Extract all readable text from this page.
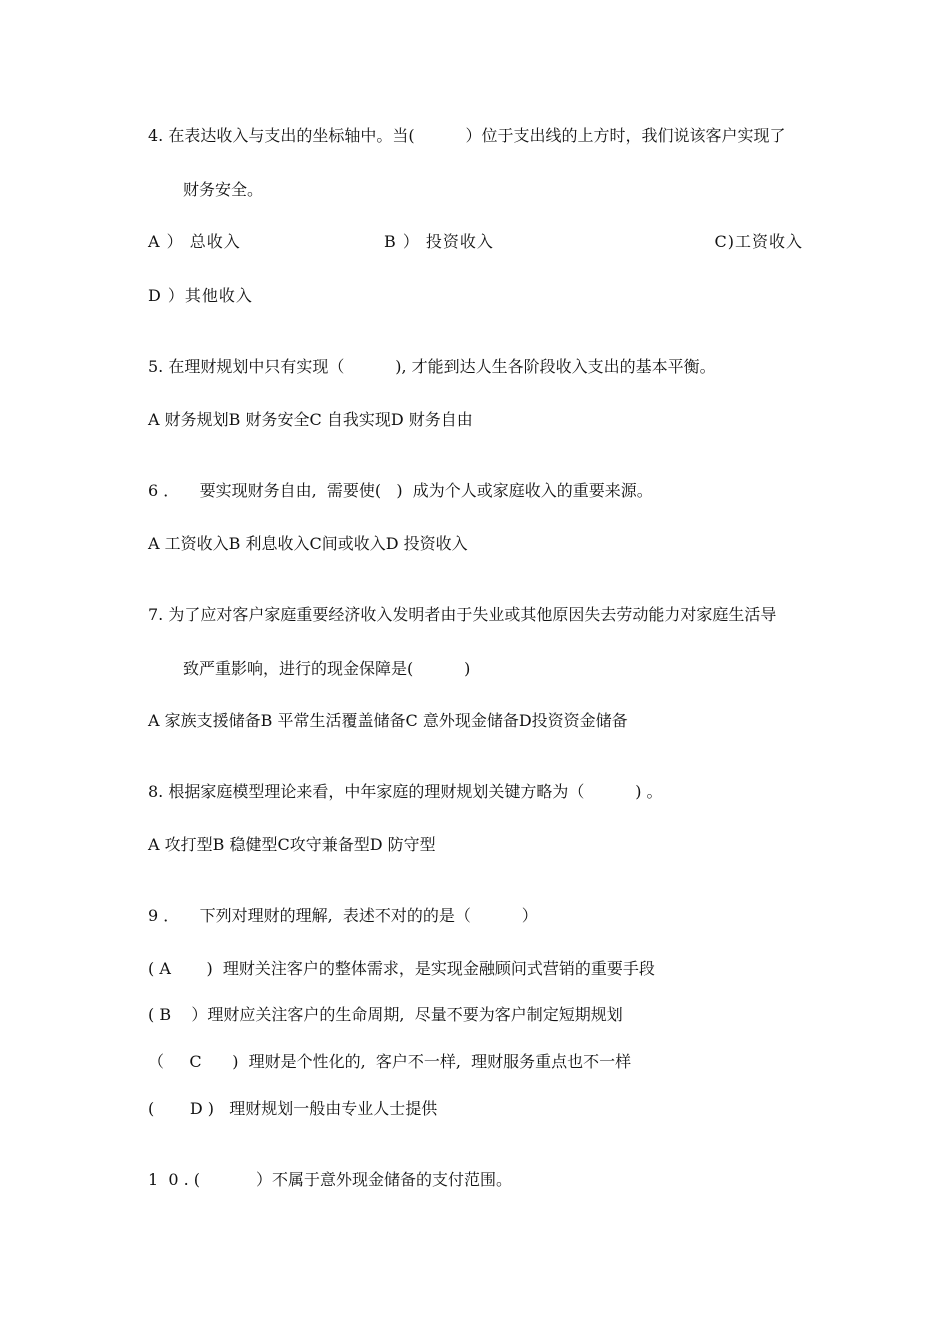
4. 在表达收入与支出的坐标轴中。当(          ）位于支出线的上方时，我们说该客户实现了
财务安全。
A ） 总收入	B ） 投资收入	C)工资收入
D ）其他收入
5. 在理财规划中只有实现（          ), 才能到达人生各阶段收入支出的基本平衡。
A 财务规划B 财务安全C 自我实现D 财务自由
6 ．    要实现财务自由,  需要使(   )  成为个人或家庭收入的重要来源。
A 工资收入B 利息收入C间或收入D 投资收入
7. 为了应对客户家庭重要经济收入发明者由于失业或其他原因失去劳动能力对家庭生活导
致严重影响，进行的现金保障是(          )
A 家族支援储备B 平常生活覆盖储备C 意外现金储备D投资资金储备
8. 根据家庭模型理论来看，中年家庭的理财规划关键方略为（          ) 。
A 攻打型B 稳健型C攻守兼备型D 防守型
9 ．    下列对理财的理解,  表述不对的的是（          ）
( A       )  理财关注客户的整体需求，是实现金融顾问式营销的重要手段
( B    ）理财应关注客户的生命周期,  尽量不要为客户制定短期规划
（     C      )  理财是个性化的,  客户不一样,  理财服务重点也不一样
(       D )   理财规划一般由专业人士提供
1  0 . (           ）不属于意外现金储备的支付范围。
